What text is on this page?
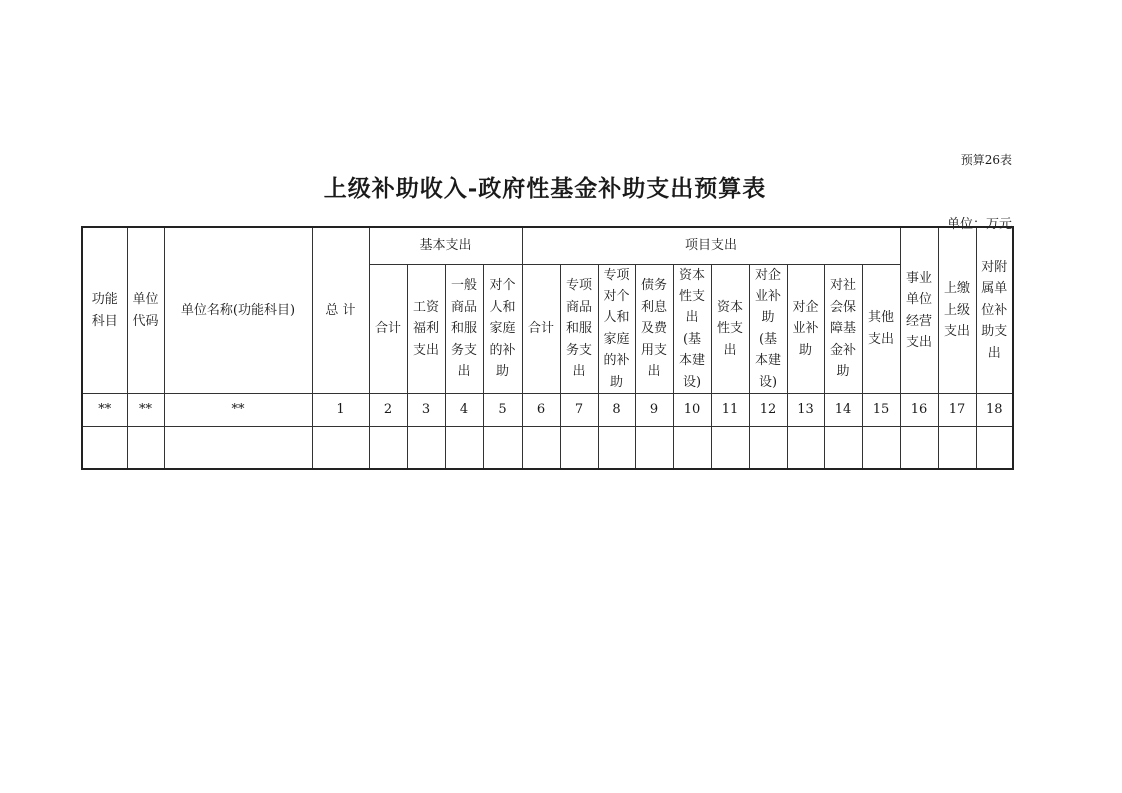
预算26表
上级补助收入-政府性基金补助支出预算表
单位：万元
功能科目	单位代码	单位名称(功能科目)	总 计	基本支出				项目支出										事业单位经营支出	上缴上级支出	对附属单位补助支出
				合计	工资福利支出	一般商品和服务支出	对个人和家庭的补助	合计	专项商品和服务支出	专项对个人和家庭的补助	债务利息及费用支出	资本性支出(基本建设)	资本性支出	对企业补助(基本建设)	对企业补助	对社会保障基金补助	其他支出			
**	**	**	1	2	3	4	5	6	7	8	9	10	11	12	13	14	15	16	17	18
